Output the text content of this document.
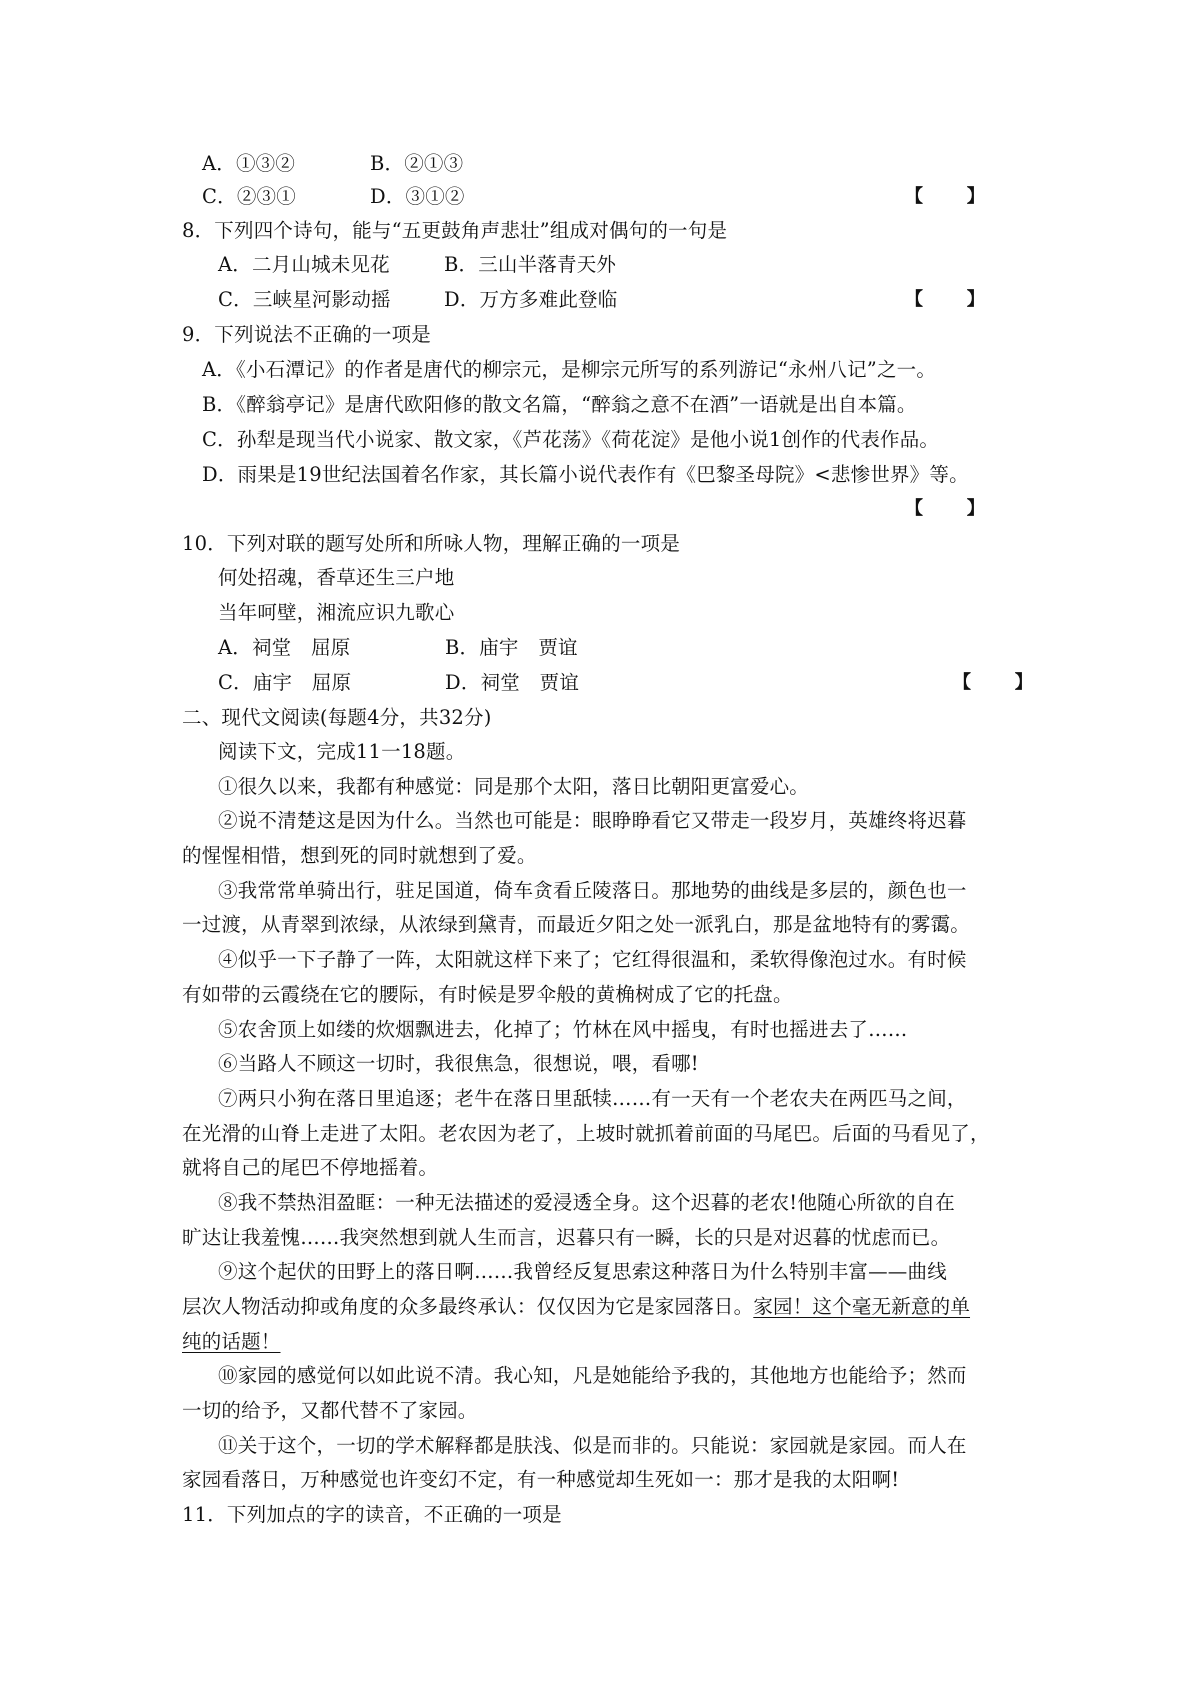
A．①③②	B．②①③
C．②③①	D．③①②	【 】
8．下列四个诗句，能与“五更鼓角声悲壮”组成对偶句的一句是
A．二月山城未见花	B．三山半落青天外
C．三峡星河影动摇	D．万方多难此登临	【 】
9．下列说法不正确的一项是
A．《小石潭记》的作者是唐代的柳宗元，是柳宗元所写的系列游记“永州八记”之一。
B．《醉翁亭记》是唐代欧阳修的散文名篇，“醉翁之意不在酒”一语就是出自本篇。
C．孙犁是现当代小说家、散文家，《芦花荡》《荷花淀》是他小说1创作的代表作品。
D．雨果是19世纪法国着名作家，其长篇小说代表作有《巴黎圣母院》<悲惨世界》等。
【 】
10．下列对联的题写处所和所咏人物，理解正确的一项是
何处招魂，香草还生三户地
当年呵壁，湘流应识九歌心
A．祠堂　屈原	B．庙宇　贾谊
C．庙宇　屈原	D．祠堂　贾谊	【 】
二、现代文阅读(每题4分，共32分)
阅读下文，完成11一18题。
①很久以来，我都有种感觉：同是那个太阳，落日比朝阳更富爱心。
②说不清楚这是因为什么。当然也可能是：眼睁睁看它又带走一段岁月，英雄终将迟暮
的惺惺相惜，想到死的同时就想到了爱。
③我常常单骑出行，驻足国道，倚车贪看丘陵落日。那地势的曲线是多层的，颜色也一
一过渡，从青翠到浓绿，从浓绿到黛青，而最近夕阳之处一派乳白，那是盆地特有的雾霭。
④似乎一下子静了一阵，太阳就这样下来了；它红得很温和，柔软得像泡过水。有时候
有如带的云霞绕在它的腰际，有时候是罗伞般的黄桷树成了它的托盘。
⑤农舍顶上如缕的炊烟飘进去，化掉了；竹林在风中摇曳，有时也摇进去了……
⑥当路人不顾这一切时，我很焦急，很想说，喂，看哪!
⑦两只小狗在落日里追逐；老牛在落日里舐犊……有一天有一个老农夫在两匹马之间，
在光滑的山脊上走进了太阳。老农因为老了，上坡时就抓着前面的马尾巴。后面的马看见了，
就将自己的尾巴不停地摇着。
⑧我不禁热泪盈眶：一种无法描述的爱浸透全身。这个迟暮的老农!他随心所欲的自在
旷达让我羞愧……我突然想到就人生而言，迟暮只有一瞬，长的只是对迟暮的忧虑而已。
⑨这个起伏的田野上的落日啊……我曾经反复思索这种落日为什么特别丰富——曲线
层次人物活动抑或角度的众多最终承认：仅仅因为它是家园落日。家园！这个毫无新意的单
纯的话题！
⑩家园的感觉何以如此说不清。我心知，凡是她能给予我的，其他地方也能给予；然而
一切的给予，又都代替不了家园。
⑪关于这个，一切的学术解释都是肤浅、似是而非的。只能说：家园就是家园。而人在
家园看落日，万种感觉也许变幻不定，有一种感觉却生死如一：那才是我的太阳啊!
11．下列加点的字的读音，不正确的一项是
